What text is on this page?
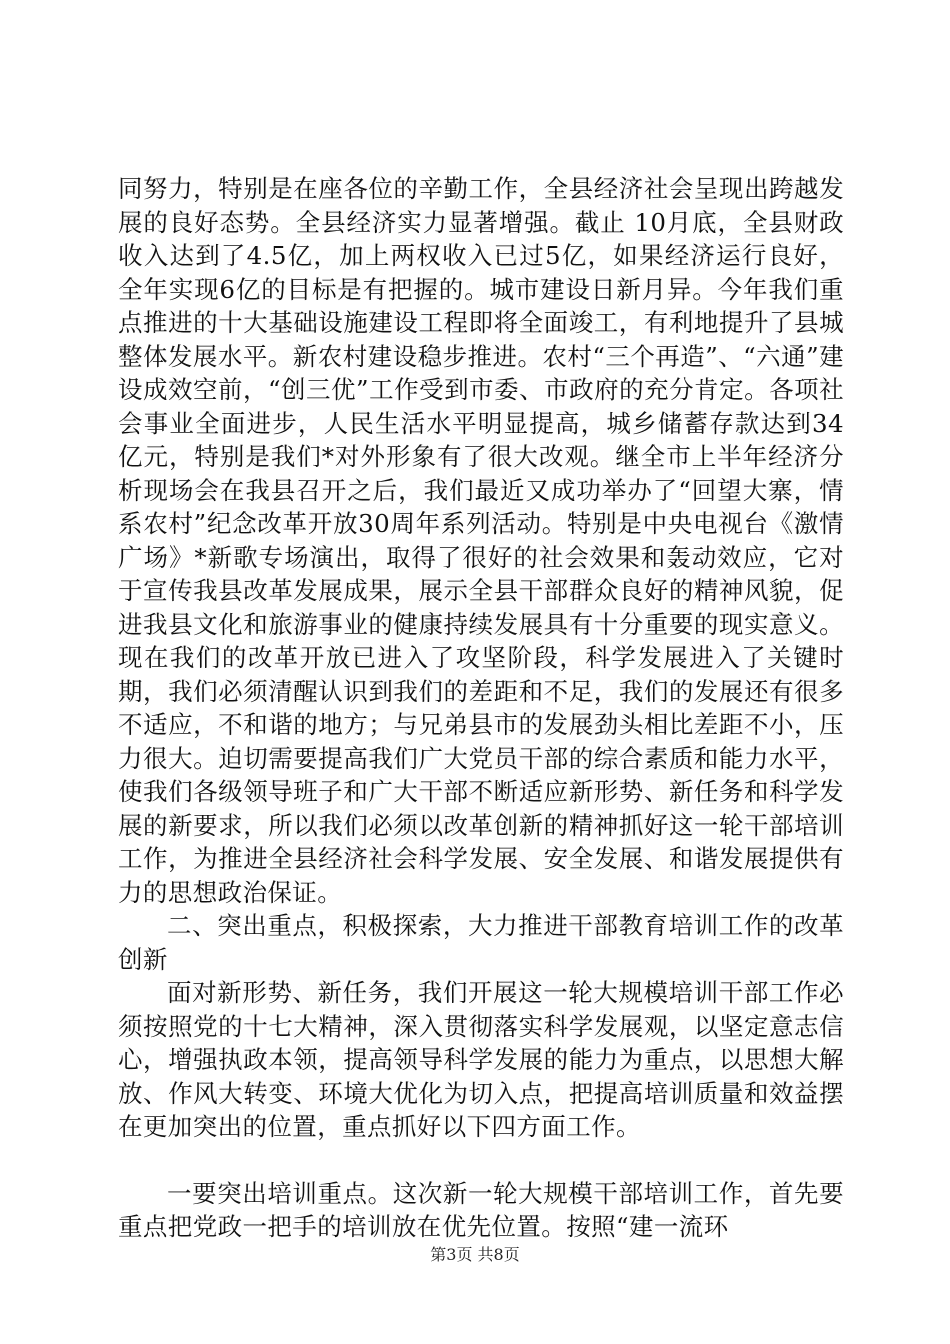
同努力，特别是在座各位的辛勤工作，全县经济社会呈现出跨越发展的良好态势。全县经济实力显著增强。截止 10月底，全县财政收入达到了4.5亿，加上两权收入已过5亿，如果经济运行良好，全年实现6亿的目标是有把握的。城市建设日新月异。今年我们重点推进的十大基础设施建设工程即将全面竣工，有利地提升了县城整体发展水平。新农村建设稳步推进。农村“三个再造”、“六通”建设成效空前，“创三优”工作受到市委、市政府的充分肯定。各项社会事业全面进步，人民生活水平明显提高，城乡储蓄存款达到34亿元，特别是我们*对外形象有了很大改观。继全市上半年经济分析现场会在我县召开之后，我们最近又成功举办了“回望大寨，情系农村”纪念改革开放30周年系列活动。特别是中央电视台《激情广场》*新歌专场演出，取得了很好的社会效果和轰动效应，它对于宣传我县改革发展成果，展示全县干部群众良好的精神风貌，促进我县文化和旅游事业的健康持续发展具有十分重要的现实意义。现在我们的改革开放已进入了攻坚阶段，科学发展进入了关键时期，我们必须清醒认识到我们的差距和不足，我们的发展还有很多不适应，不和谐的地方；与兄弟县市的发展劲头相比差距不小，压力很大。迫切需要提高我们广大党员干部的综合素质和能力水平，使我们各级领导班子和广大干部不断适应新形势、新任务和科学发展的新要求，所以我们必须以改革创新的精神抓好这一轮干部培训工作，为推进全县经济社会科学发展、安全发展、和谐发展提供有力的思想政治保证。

二、突出重点，积极探索，大力推进干部教育培训工作的改革创新

面对新形势、新任务，我们开展这一轮大规模培训干部工作必须按照党的十七大精神，深入贯彻落实科学发展观，以坚定意志信心，增强执政本领，提高领导科学发展的能力为重点，以思想大解放、作风大转变、环境大优化为切入点，把提高培训质量和效益摆在更加突出的位置，重点抓好以下四方面工作。

一要突出培训重点。这次新一轮大规模干部培训工作，首先要重点把党政一把手的培训放在优先位置。按照“建一流环

第3页 共8页
